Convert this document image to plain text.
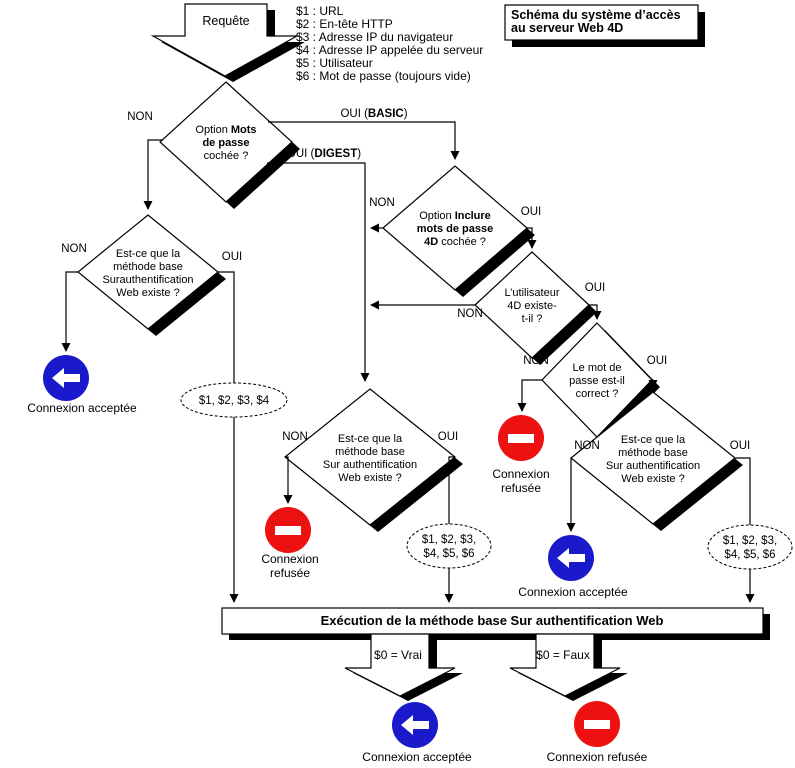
Requête
$1 : URL
$2 : En-tête HTTP
$3 : Adresse IP du navigateur
$4 : Adresse IP appelée du serveur
$5 : Utilisateur
$6 : Mot de passe (toujours vide)
Schéma du système d’accès
au serveur Web 4D
NON	OUI (BASIC)
OUI (DIGEST)
NON
OUI
NON
OUI
NON
OUI
NON	OUI
NON	OUI
NON	OUI
Option Mots
de passe
cochée ?
Est-ce que la
méthode base
Surauthentification
Web existe ?
Option Inclure
mots de passe
4D cochée ?
L’utilisateur
4D existe-
t-il ?
Le mot de
passe est-il
correct ?
Est-ce que la
méthode base
Sur authentification
Web existe ?
Est-ce que la
méthode base
Sur authentification
Web existe ?
$1, $2, $3, $4
$1, $2, $3,
$4, $5, $6
$1, $2, $3,
$4, $5, $6
Exécution de la méthode base Sur authentification Web
$0 = Vrai	$0 = Faux
Connexion acceptée
Connexion
refusée
Connexion
refusée
Connexion acceptée
Connexion acceptée	Connexion refusée
